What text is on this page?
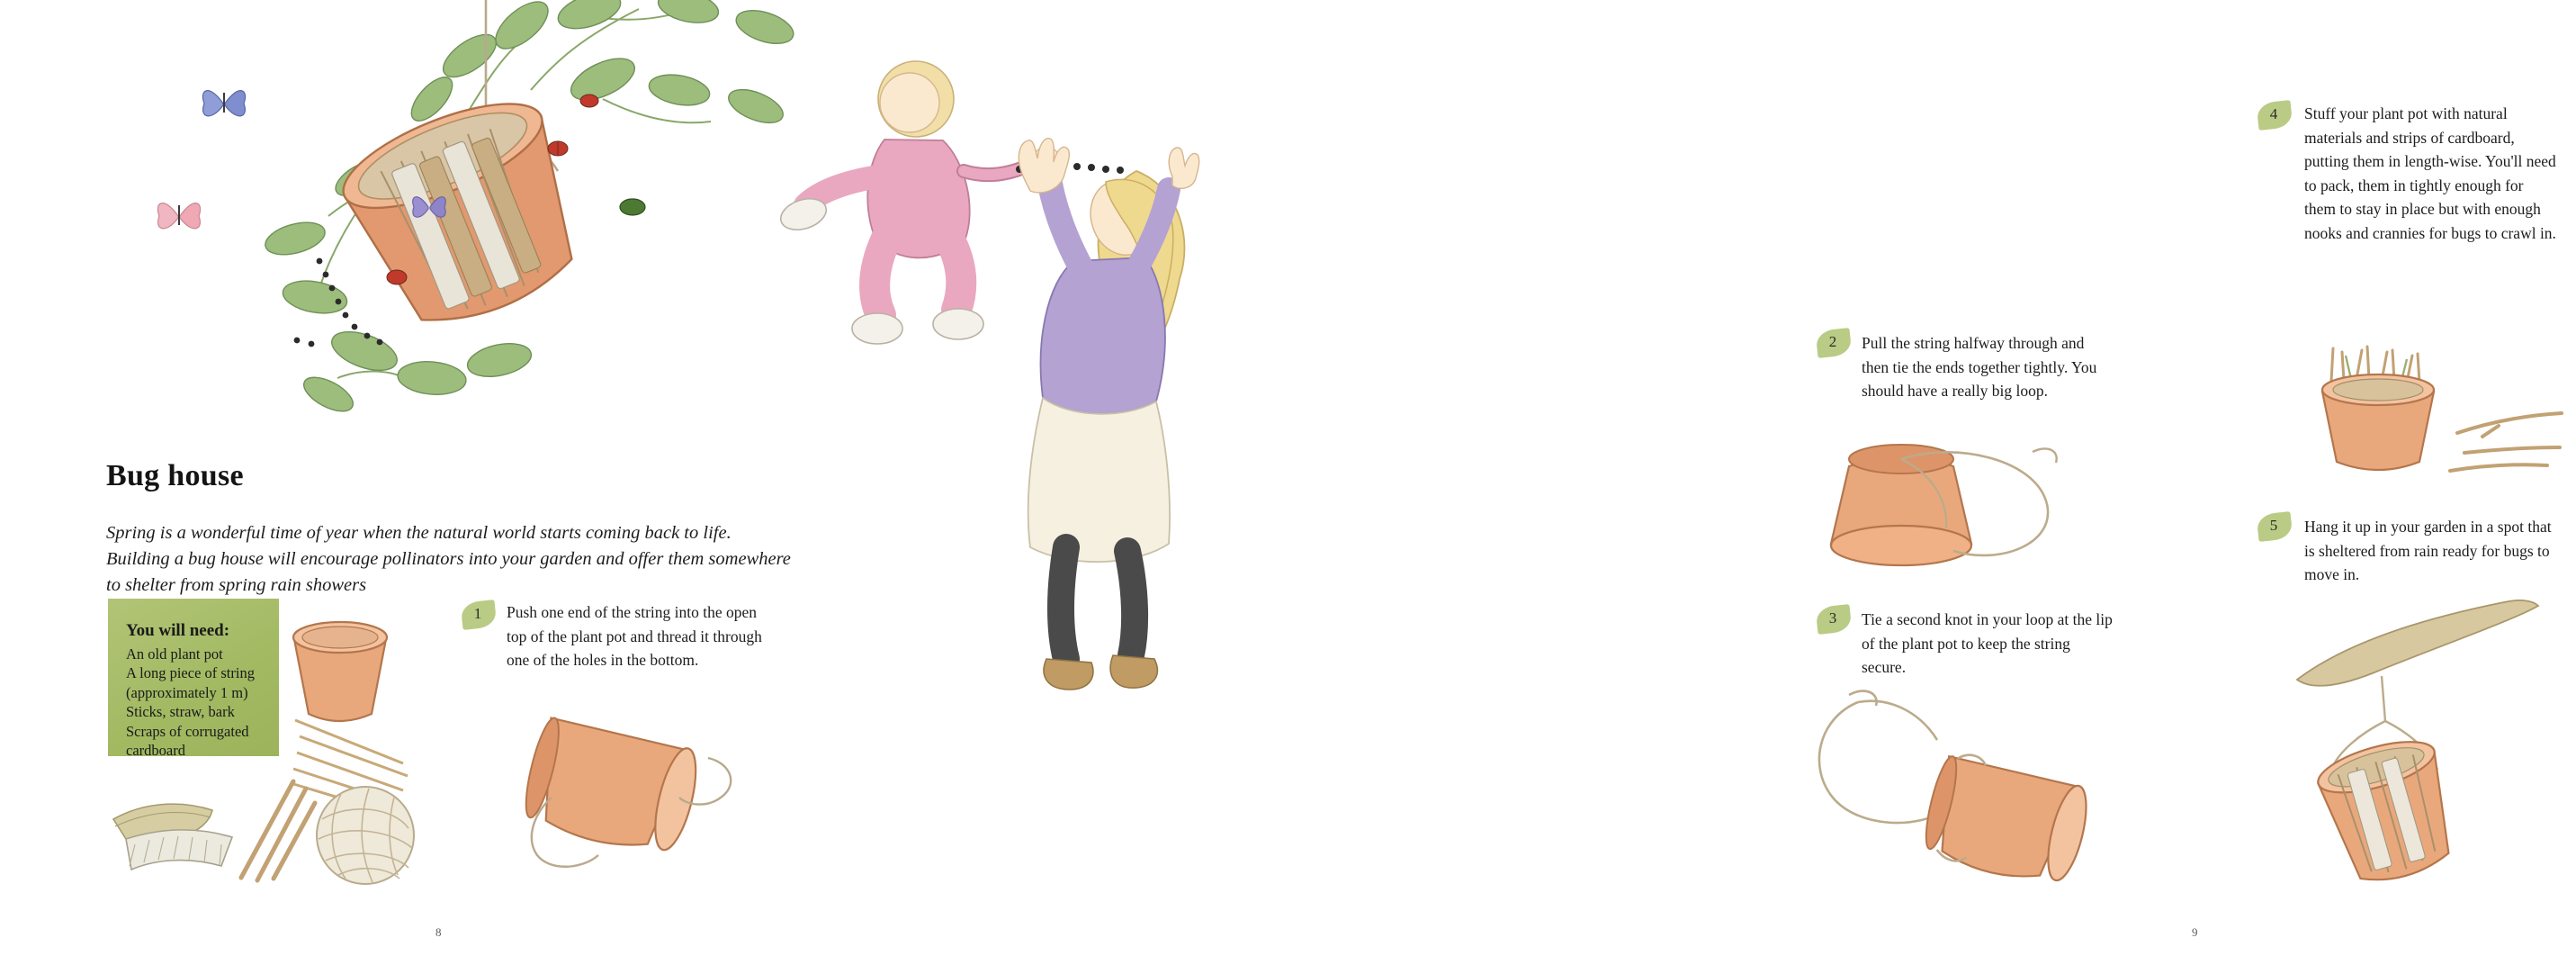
Bug house

Spring is a wonderful time of year when the natural world starts coming back to life. Building a bug house will encourage pollinators into your garden and offer them somewhere to shelter from spring rain showers

You will need:
An old plant pot
A long piece of string (approximately 1 m)
Sticks, straw, bark
Scraps of corrugated cardboard
1 Push one end of the string into the open top of the plant pot and thread it through one of the holes in the bottom.
8
2 Pull the string halfway through and then tie the ends together tightly. You should have a really big loop.
3 Tie a second knot in your loop at the lip of the plant pot to keep the string secure.
4 Stuff your plant pot with natural materials and strips of cardboard, putting them in length-wise. You'll need to pack, them in tightly enough for them to stay in place but with enough nooks and crannies for bugs to crawl in.
5 Hang it up in your garden in a spot that is sheltered from rain ready for bugs to move in.
9
